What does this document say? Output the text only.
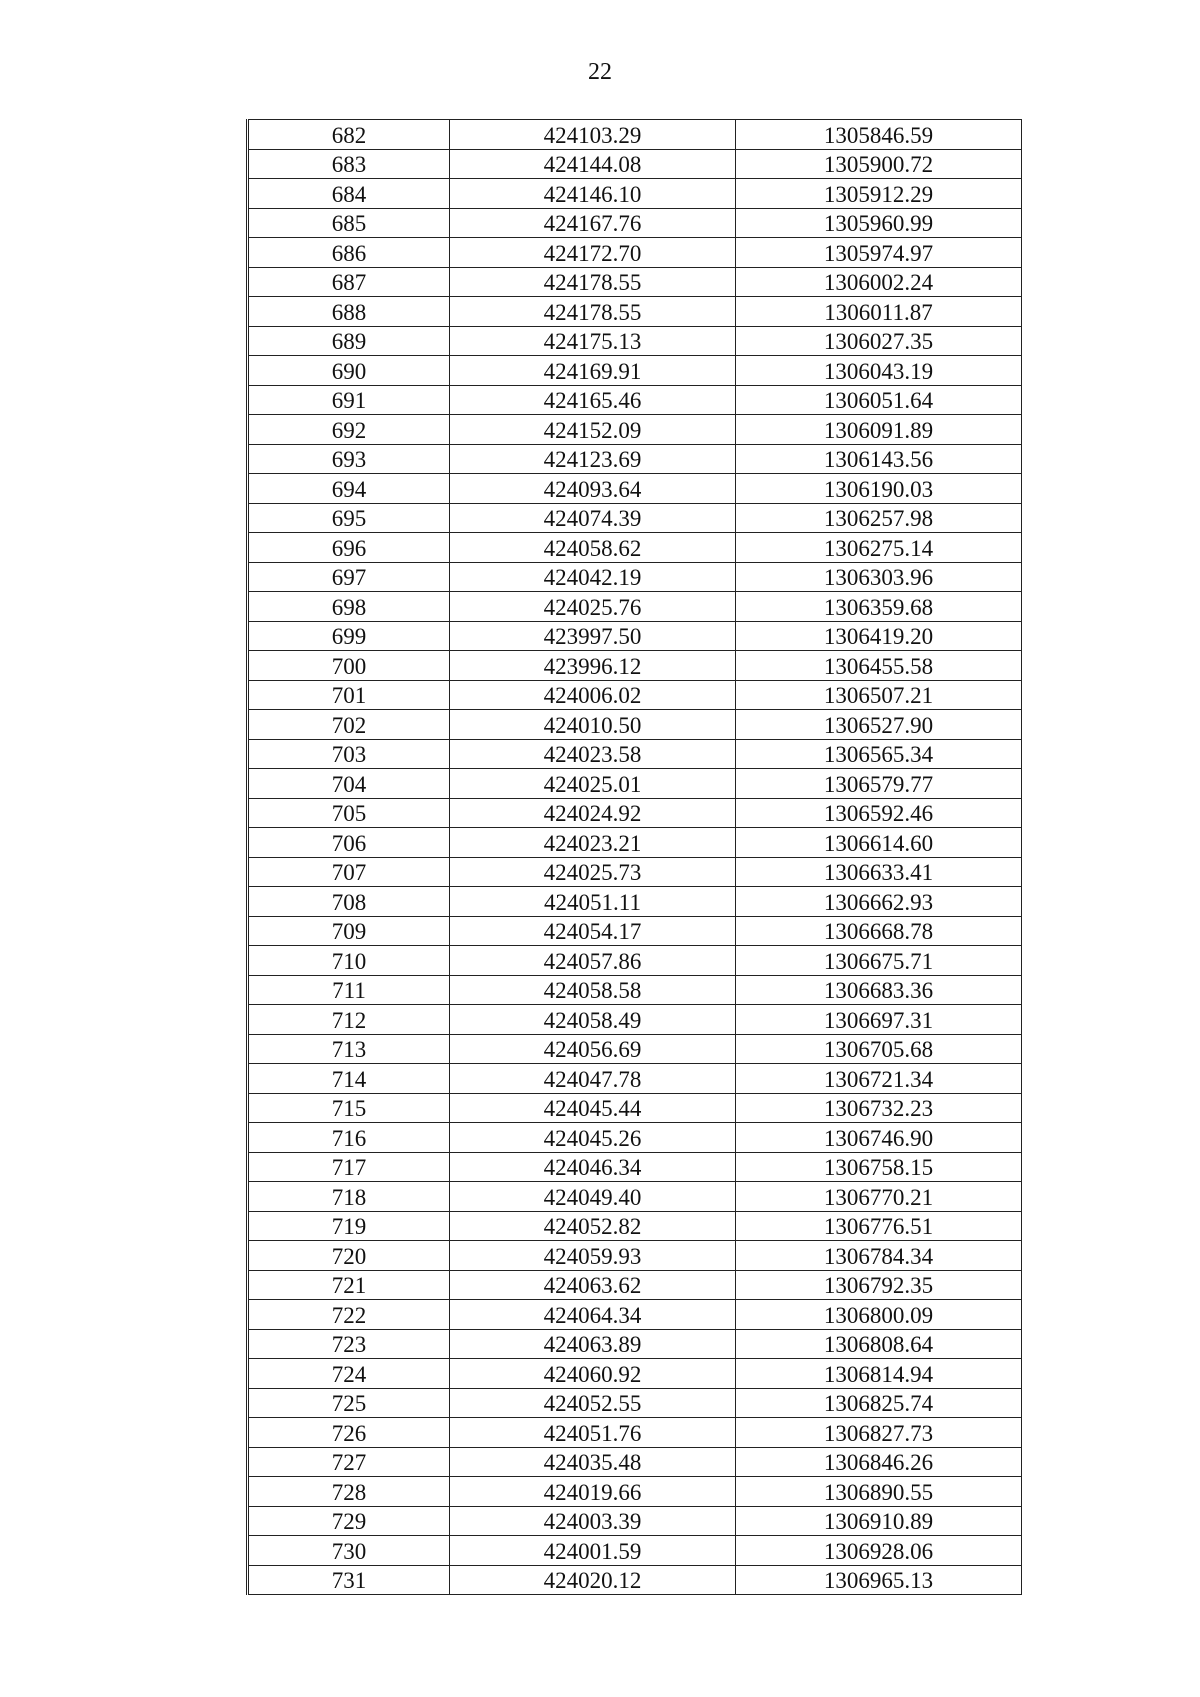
22
682	424103.29	1305846.59
683	424144.08	1305900.72
684	424146.10	1305912.29
685	424167.76	1305960.99
686	424172.70	1305974.97
687	424178.55	1306002.24
688	424178.55	1306011.87
689	424175.13	1306027.35
690	424169.91	1306043.19
691	424165.46	1306051.64
692	424152.09	1306091.89
693	424123.69	1306143.56
694	424093.64	1306190.03
695	424074.39	1306257.98
696	424058.62	1306275.14
697	424042.19	1306303.96
698	424025.76	1306359.68
699	423997.50	1306419.20
700	423996.12	1306455.58
701	424006.02	1306507.21
702	424010.50	1306527.90
703	424023.58	1306565.34
704	424025.01	1306579.77
705	424024.92	1306592.46
706	424023.21	1306614.60
707	424025.73	1306633.41
708	424051.11	1306662.93
709	424054.17	1306668.78
710	424057.86	1306675.71
711	424058.58	1306683.36
712	424058.49	1306697.31
713	424056.69	1306705.68
714	424047.78	1306721.34
715	424045.44	1306732.23
716	424045.26	1306746.90
717	424046.34	1306758.15
718	424049.40	1306770.21
719	424052.82	1306776.51
720	424059.93	1306784.34
721	424063.62	1306792.35
722	424064.34	1306800.09
723	424063.89	1306808.64
724	424060.92	1306814.94
725	424052.55	1306825.74
726	424051.76	1306827.73
727	424035.48	1306846.26
728	424019.66	1306890.55
729	424003.39	1306910.89
730	424001.59	1306928.06
731	424020.12	1306965.13
